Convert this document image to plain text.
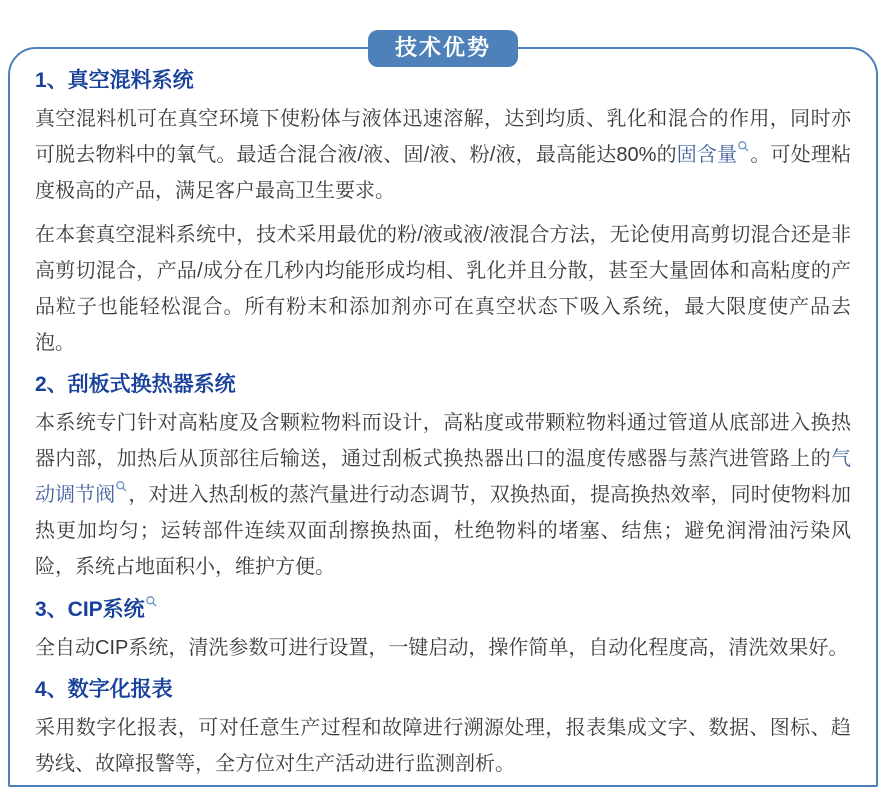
技术优势
1、真空混料系统

真空混料机可在真空环境下使粉体与液体迅速溶解，达到均质、乳化和混合的作用，同时亦可脱去物料中的氧气。最适合混合液/液、固/液、粉/液，最高能达80%的固含量 。可处理粘度极高的产品，满足客户最高卫生要求。

在本套真空混料系统中，技术采用最优的粉/液或液/液混合方法，无论使用高剪切混合还是非高剪切混合，产品/成分在几秒内均能形成均相、乳化并且分散，甚至大量固体和高粘度的产品粒子也能轻松混合。所有粉末和添加剂亦可在真空状态下吸入系统，最大限度使产品去泡。

2、刮板式换热器系统

本系统专门针对高粘度及含颗粒物料而设计，高粘度或带颗粒物料通过管道从底部进入换热器内部，加热后从顶部往后输送，通过刮板式换热器出口的温度传感器与蒸汽进管路上的气动调节阀 ，对进入热刮板的蒸汽量进行动态调节，双换热面，提高换热效率，同时使物料加热更加均匀；运转部件连续双面刮擦换热面，杜绝物料的堵塞、结焦；避免润滑油污染风险，系统占地面积小，维护方便。

3、CIP系统

全自动CIP系统，清洗参数可进行设置，一键启动，操作简单，自动化程度高，清洗效果好。

4、数字化报表

采用数字化报表，可对任意生产过程和故障进行溯源处理，报表集成文字、数据、图标、趋势线、故障报警等，全方位对生产活动进行监测剖析。
